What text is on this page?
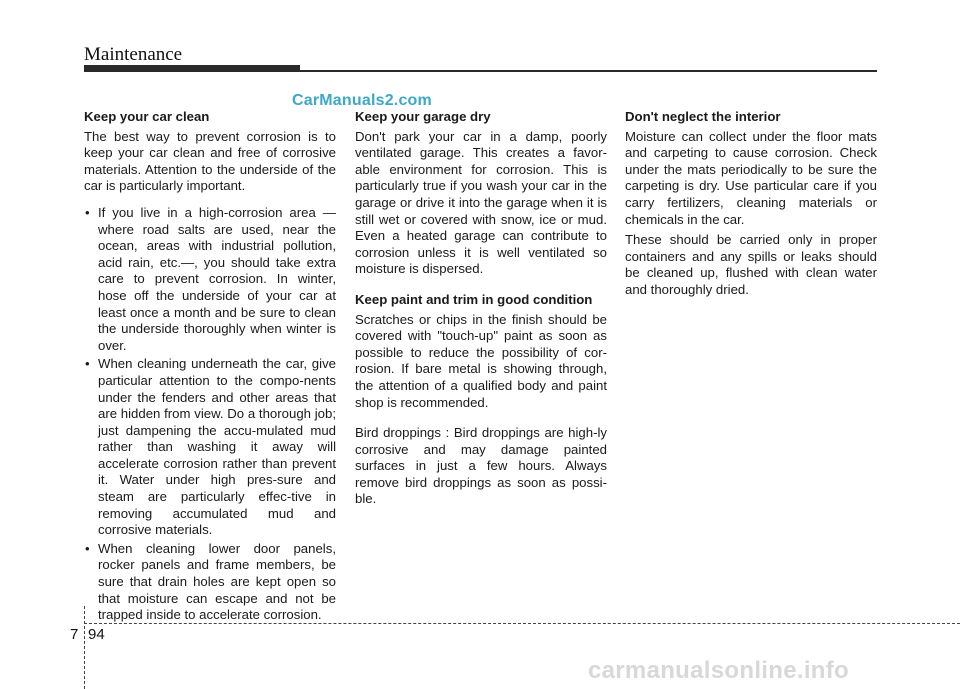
Maintenance
CarManuals2.com
Keep your car clean

The best way to prevent corrosion is to keep your car clean and free of corrosive materials. Attention to the underside of the car is particularly important.

• If you live in a high-corrosion area — where road salts are used, near the ocean, areas with industrial pollution, acid rain, etc.—, you should take extra care to prevent corrosion. In winter, hose off the underside of your car at least once a month and be sure to clean the underside thoroughly when winter is over.
• When cleaning underneath the car, give particular attention to the compo-nents under the fenders and other areas that are hidden from view. Do a thorough job; just dampening the accu-mulated mud rather than washing it away will accelerate corrosion rather than prevent it. Water under high pres-sure and steam are particularly effec-tive in removing accumulated mud and corrosive materials.
• When cleaning lower door panels, rocker panels and frame members, be sure that drain holes are kept open so that moisture can escape and not be trapped inside to accelerate corrosion.
Keep your garage dry

Don't park your car in a damp, poorly ventilated garage. This creates a favor-able environment for corrosion. This is particularly true if you wash your car in the garage or drive it into the garage when it is still wet or covered with snow, ice or mud. Even a heated garage can contribute to corrosion unless it is well ventilated so moisture is dispersed.

Keep paint and trim in good condition

Scratches or chips in the finish should be covered with "touch-up" paint as soon as possible to reduce the possibility of cor-rosion. If bare metal is showing through, the attention of a qualified body and paint shop is recommended.

Bird droppings : Bird droppings are high-ly corrosive and may damage painted surfaces in just a few hours. Always remove bird droppings as soon as possi-ble.

Don't neglect the interior

Moisture can collect under the floor mats and carpeting to cause corrosion. Check under the mats periodically to be sure the carpeting is dry. Use particular care if you carry fertilizers, cleaning materials or chemicals in the car.

These should be carried only in proper containers and any spills or leaks should be cleaned up, flushed with clean water and thoroughly dried.

7 94
carmanualsonline.info
